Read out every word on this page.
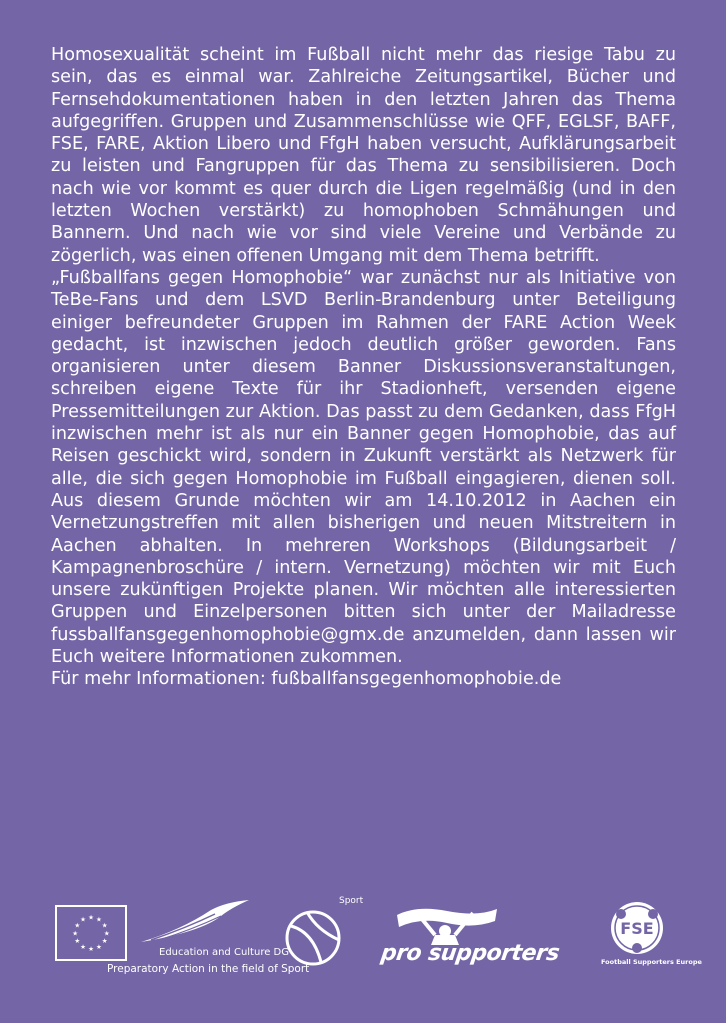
Homosexualität scheint im Fußball nicht mehr das riesige Tabu zu sein, das es einmal war. Zahlreiche Zeitungsartikel, Bücher und Fernsehdokumentationen haben in den letzten Jahren das Thema aufgegriffen. Gruppen und Zusammenschlüsse wie QFF, EGLSF, BAFF, FSE, FARE, Aktion Libero und FfgH haben versucht, Aufklärungsarbeit zu leisten und Fangruppen für das Thema zu sensibilisieren. Doch nach wie vor kommt es quer durch die Ligen regelmäßig (und in den letzten Wochen verstärkt) zu homophoben Schmähungen und Bannern. Und nach wie vor sind viele Vereine und Verbände zu zögerlich, was einen offenen Umgang mit dem Thema betrifft.

„Fußballfans gegen Homophobie“ war zunächst nur als Initiative von TeBe-Fans und dem LSVD Berlin-Brandenburg unter Beteiligung einiger befreundeter Gruppen im Rahmen der FARE Action Week gedacht, ist inzwischen jedoch deutlich größer geworden. Fans organisieren unter diesem Banner Diskussionsveranstaltungen, schreiben eigene Texte für ihr Stadionheft, versenden eigene Pressemitteilungen zur Aktion. Das passt zu dem Gedanken, dass FfgH inzwischen mehr ist als nur ein Banner gegen Homophobie, das auf Reisen geschickt wird, sondern in Zukunft verstärkt als Netzwerk für alle, die sich gegen Homophobie im Fußball eingagieren, dienen soll. Aus diesem Grunde möchten wir am 14.10.2012 in Aachen ein Vernetzungstreffen mit allen bisherigen und neuen Mitstreitern in Aachen abhalten. In mehreren Workshops (Bildungsarbeit / Kampagnenbroschüre / intern. Vernetzung) möchten wir mit Euch unsere zukünftigen Projekte planen. Wir möchten alle interessierten Gruppen und Einzelpersonen bitten sich unter der Mailadresse fussballfansgegenhomophobie@gmx.de anzumelden, dann lassen wir Euch weitere Informationen zukommen.

Für mehr Informationen: fußballfansgegenhomophobie.de

★
★
★
★
★
★
★
★
★ ★ ★
★
Education and Culture DG
Preparatory Action in the field of Sport
Sport
pro supporters
FSE
Football Supporters Europe
